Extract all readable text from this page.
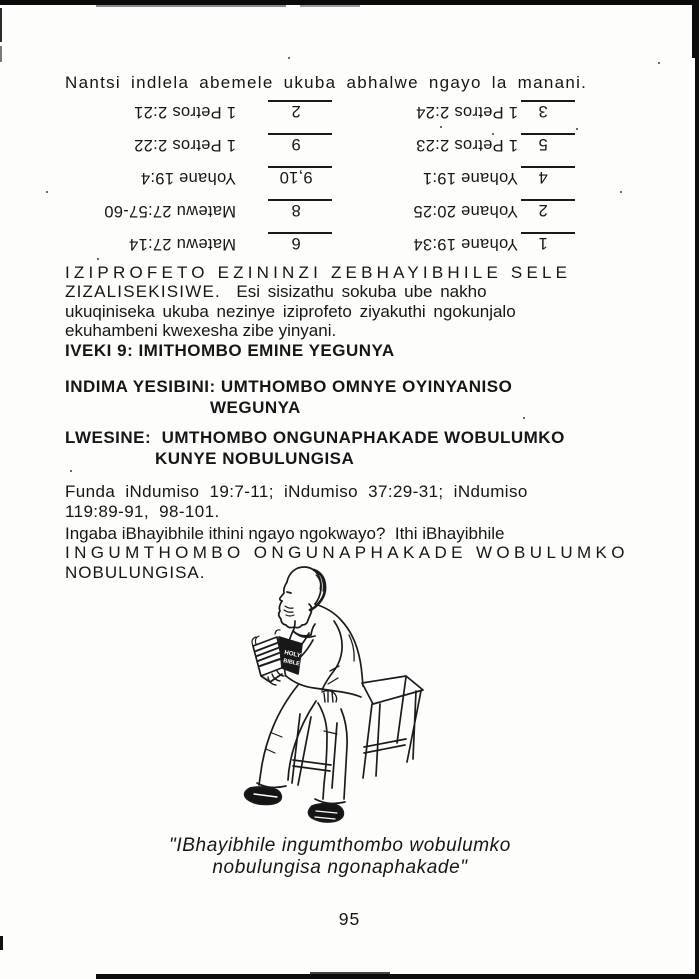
Nantsi indlela abemele ukuba abhalwe ngayo la manani.
1
Yohane 19:34
6
Matewu 27:14
2
Yohane 20:25
8
Matewu 27:57-60
4
Yohane 19:1
9,10
Yohane 19:4
5
1 Petros 2:23
9
1 Petros 2:22
3
1 Petros 2:24
2
1 Petros 2:21
IZIPROFETO EZININZI ZEBHAYIBHILE SELE
ZIZALISEKISIWE.  Esi sisizathu sokuba ube nakho
ukuqiniseka ukuba nezinye iziprofeto ziyakuthi ngokunjalo
ekuhambeni kwexesha zibe yinyani.
IVEKI 9: IMITHOMBO EMINE YEGUNYA
INDIMA YESIBINI: UMTHOMBO OMNYE OYINYANISO
WEGUNYA
LWESINE:  UMTHOMBO ONGUNAPHAKADE WOBULUMKO
KUNYE NOBULUNGISA
Funda iNdumiso 19:7-11; iNdumiso 37:29-31; iNdumiso
119:89-91, 98-101.
Ingaba iBhayibhile ithini ngayo ngokwayo?  Ithi iBhayibhile
INGUMTHOMBO ONGUNAPHAKADE WOBULUMKO
NOBULUNGISA.
HOLY
BIBLE
"IBhayibhile ingumthombo wobulumko
nobulungisa ngonaphakade"
95
